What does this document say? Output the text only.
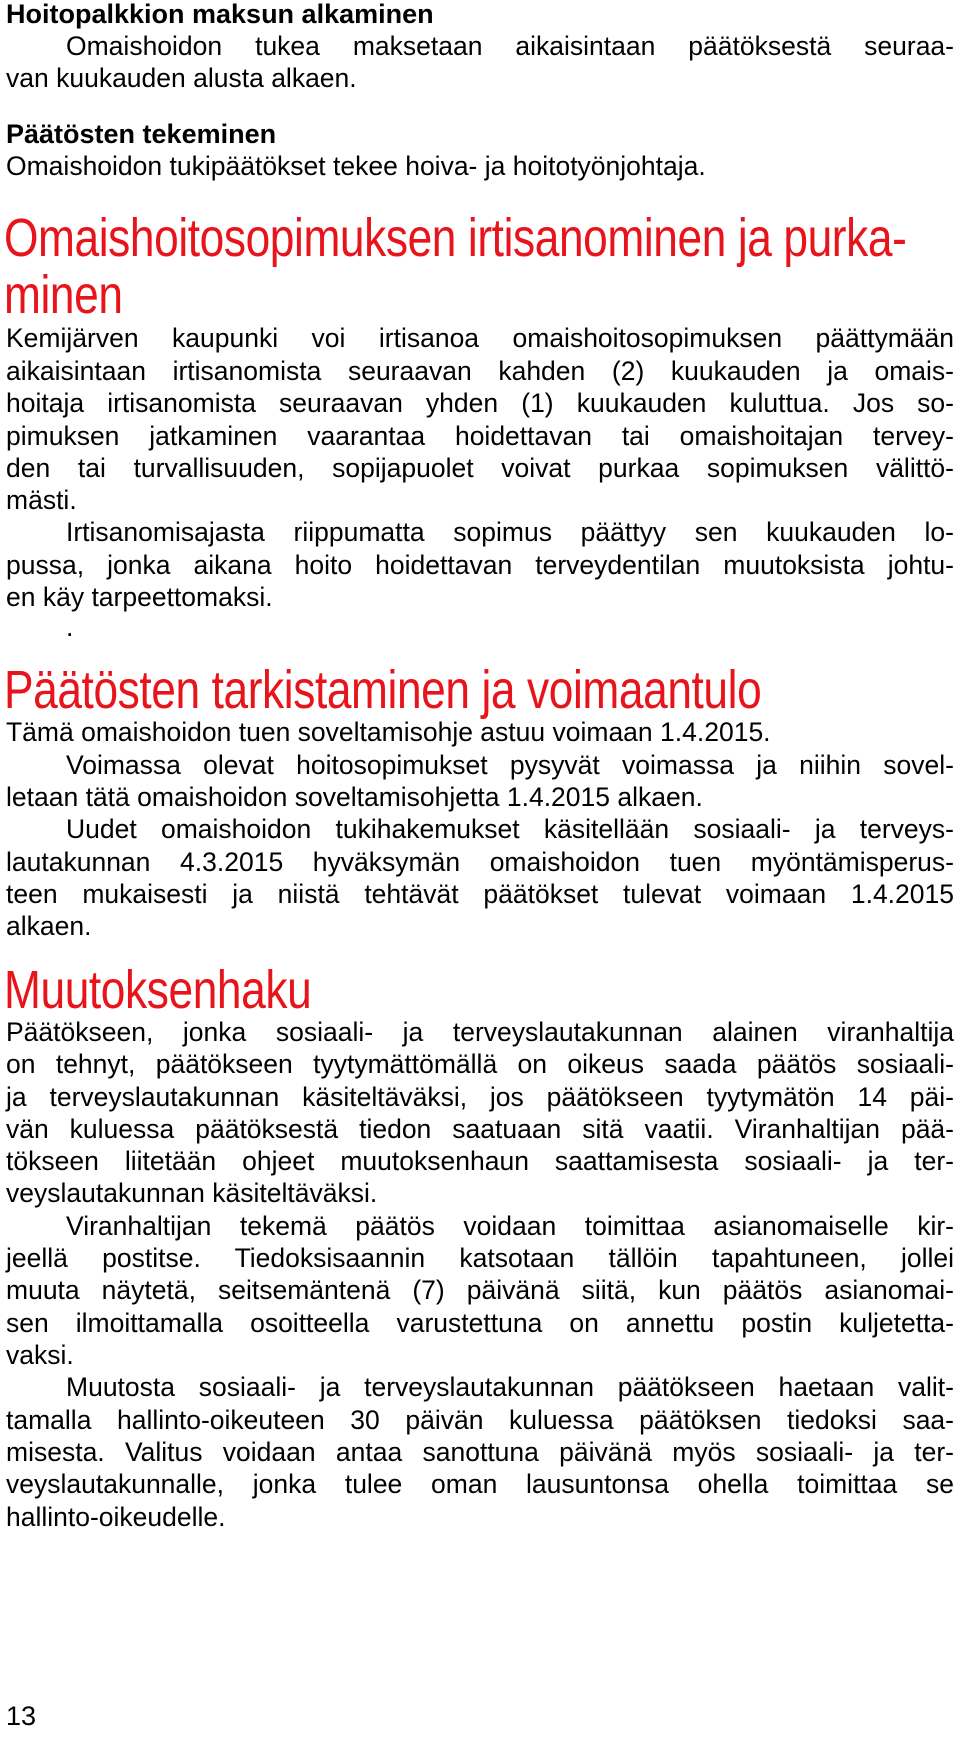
Hoitopalkkion maksun alkaminen

Omaishoidon tukea maksetaan aikaisintaan päätöksestä seuraa-

van kuukauden alusta alkaen.

Päätösten tekeminen

Omaishoidon tukipäätökset tekee hoiva- ja hoitotyönjohtaja.

Omaishoitosopimuksen irtisanominen ja purka-

minen

Kemijärven kaupunki voi irtisanoa omaishoitosopimuksen päättymään

aikaisintaan irtisanomista seuraavan kahden (2) kuukauden ja omais-

hoitaja irtisanomista seuraavan yhden (1) kuukauden kuluttua. Jos so-

pimuksen jatkaminen vaarantaa hoidettavan tai omaishoitajan tervey-

den tai turvallisuuden, sopijapuolet voivat purkaa sopimuksen välittö-

mästi.

Irtisanomisajasta riippumatta sopimus päättyy sen kuukauden lo-

pussa, jonka aikana hoito hoidettavan terveydentilan muutoksista johtu-

en käy tarpeettomaksi.

.

Päätösten tarkistaminen ja voimaantulo

Tämä omaishoidon tuen soveltamisohje astuu voimaan 1.4.2015.

Voimassa olevat hoitosopimukset pysyvät voimassa ja niihin sovel-

letaan tätä omaishoidon soveltamisohjetta 1.4.2015 alkaen.

Uudet omaishoidon tukihakemukset käsitellään sosiaali- ja terveys-

lautakunnan 4.3.2015 hyväksymän omaishoidon tuen myöntämisperus-

teen mukaisesti ja niistä tehtävät päätökset tulevat voimaan 1.4.2015

alkaen.

Muutoksenhaku

Päätökseen, jonka sosiaali- ja terveyslautakunnan alainen viranhaltija

on tehnyt, päätökseen tyytymättömällä on oikeus saada päätös sosiaali-

ja terveyslautakunnan käsiteltäväksi, jos päätökseen tyytymätön 14 päi-

vän kuluessa päätöksestä tiedon saatuaan sitä vaatii. Viranhaltijan pää-

tökseen liitetään ohjeet muutoksenhaun saattamisesta sosiaali- ja ter-

veyslautakunnan käsiteltäväksi.

Viranhaltijan tekemä päätös voidaan toimittaa asianomaiselle kir-

jeellä postitse. Tiedoksisaannin katsotaan tällöin tapahtuneen, jollei

muuta näytetä, seitsemäntenä (7) päivänä siitä, kun päätös asianomai-

sen ilmoittamalla osoitteella varustettuna on annettu postin kuljetetta-

vaksi.

Muutosta sosiaali- ja terveyslautakunnan päätökseen haetaan valit-

tamalla hallinto-oikeuteen 30 päivän kuluessa päätöksen tiedoksi saa-

misesta. Valitus voidaan antaa sanottuna päivänä myös sosiaali- ja ter-

veyslautakunnalle, jonka tulee oman lausuntonsa ohella toimittaa se

hallinto-oikeudelle.

13
